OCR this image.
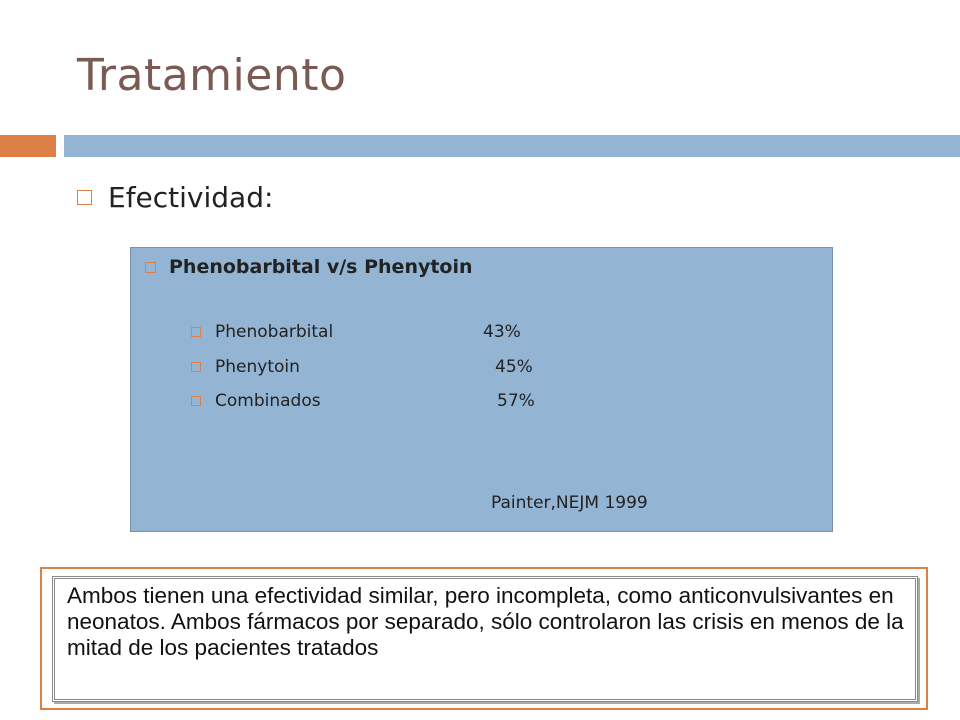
Tratamiento
Efectividad:
Phenobarbital v/s Phenytoin
Phenobarbital	43%
Phenytoin	45%
Combinados	57%
Painter,NEJM 1999
Ambos tienen una efectividad similar, pero incompleta, como anticonvulsivantes en neonatos. Ambos fármacos por separado, sólo controlaron las crisis en menos de la mitad de los pacientes tratados
